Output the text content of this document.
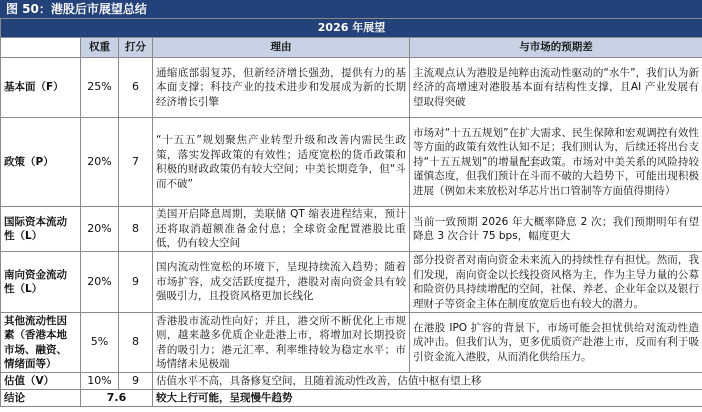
图 50：港股后市展望总结
2026 年展望				
	权重	打分	理由	与市场的预期差
基本面（F）	25%	6	通缩底部弱复苏，但新经济增长强劲，提供有力的基本面支撑；科技产业的技术进步和发展成为新的长期经济增长引擎	主流观点认为港股是纯粹由流动性驱动的“水牛”，我们认为新经济的高增速对港股基本面有结构性支撑，且AI 产业发展有望取得突破
政策（P）	20%	7	“十五五”规划聚焦产业转型升级和改善内需民生政策，落实发挥政策的有效性；适度宽松的货币政策和积极的财政政策仍有较大空间；中美长期竞争，但“斗而不破”	市场对“十五五规划”在扩大需求、民生保障和宏观调控有效性等方面的政策有效性认知不足；我们则认为，后续还将出台支持“十五五规划”的增量配套政策。市场对中美关系的风险持较谨慎态度，但我们预计在斗而不破的大趋势下，可能出现积极进展（例如未来放松对华芯片出口管制等方面值得期待）
国际资本流动性（L）	20%	8	美国开启降息周期，美联储 QT 缩表进程结束，预计还将取消超额准备金付息；全球资金配置港股比重低，仍有较大空间	当前一致预期 2026 年大概率降息 2 次；我们预期明年有望降息 3 次合计 75 bps，幅度更大
南向资金流动性（L）	20%	9	国内流动性宽松的环境下，呈现持续流入趋势；随着市场扩容，成交活跃度提升，港股对南向资金具有较强吸引力，且投资风格更加长线化	部分投资者对南向资金未来流入的持续性存有担忧。然而，我们发现，南向资金以长线投资风格为主，作为主导力量的公募和险资仍具持续增配的空间，社保、养老、企业年金以及银行理财子等资金主体在制度放宽后也有较大的潜力。
其他流动性因素（香港本地市场、融资、情绪面等）	5%	8	香港股市流动性向好；并且，港交所不断优化上市规则，越来越多优质企业赴港上市，将增加对长期投资者的吸引力；港元汇率、利率维持较为稳定水平；市场情绪未见极端	在港股 IPO 扩容的背景下，市场可能会担忧供给对流动性造成冲击。但我们认为，更多优质资产赴港上市，反而有利于吸引资金流入港股，从而消化供给压力。
估值（V）	10%	9	估值水平不高，具备修复空间，且随着流动性改善，估值中枢有望上移	
结论	7.6		较大上行可能，呈现慢牛趋势	
